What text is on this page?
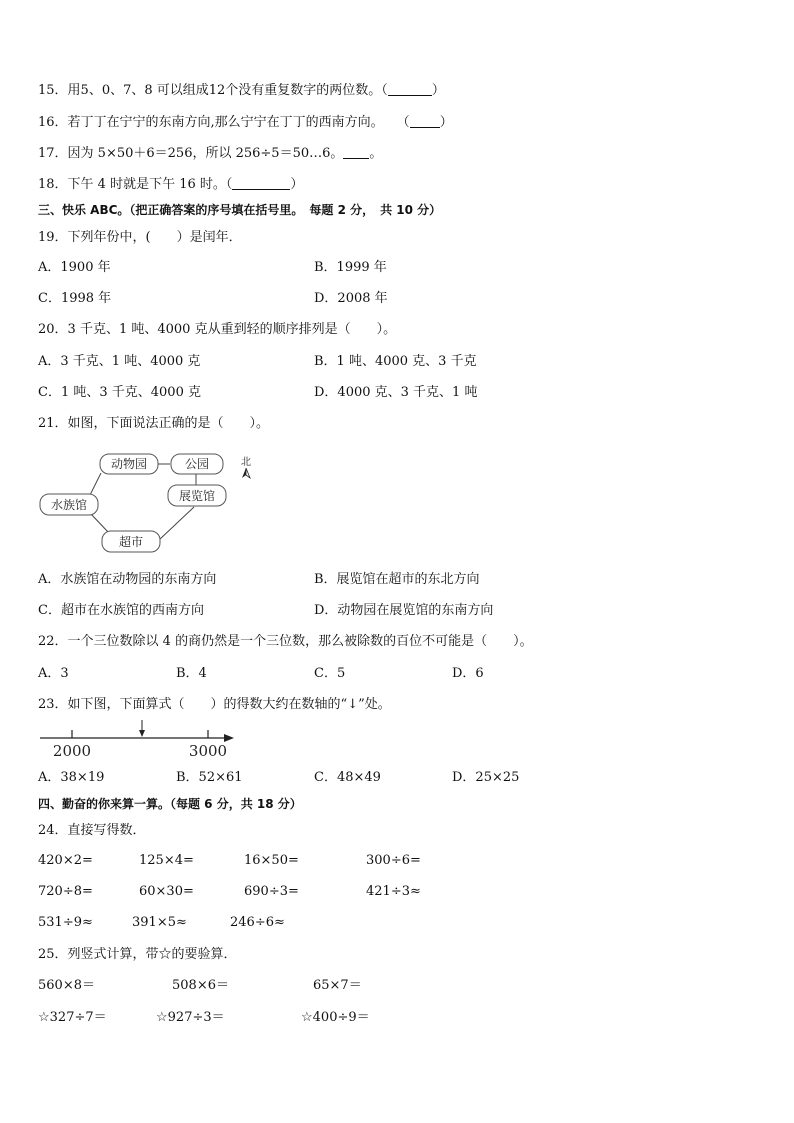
15．用5、0、7、8 可以组成12个没有重复数字的两位数。（	）
16．若丁丁在宁宁的东南方向,那么宁宁在丁丁的西南方向。　　（ ）
17．因为 5×50＋6＝256，所以 256÷5＝50…6。 。
18．下午 4 时就是下午 16 时。（	）
三、快乐 ABC。（把正确答案的序号填在括号里。　每题 2 分，　共 10 分）
19．下列年份中，(　　）是闰年．
A．1900 年	B．1999 年
C．1998 年	D．2008 年
20．3 千克、1 吨、4000 克从重到轻的顺序排列是（　　）。
A．3 千克、1 吨、4000 克	B．1 吨、4000 克、3 千克
C．1 吨、3 千克、4000 克	D．4000 克、3 千克、1 吨
21．如图，下面说法正确的是（　　）。
动物园	公园
展览馆
水族馆
超市
北
A．水族馆在动物园的东南方向	B．展览馆在超市的东北方向
C．超市在水族馆的西南方向	D．动物园在展览馆的东南方向
22．一个三位数除以 4 的商仍然是一个三位数，那么被除数的百位不可能是（　　）。
A．3	B．4	C．5	D．6
23．如下图，下面算式（　　）的得数大约在数轴的“↓”处。
2000	3000
A．38×19	B．52×61	C．48×49	D．25×25
四、勤奋的你来算一算。（每题 6 分，共 18 分）
24．直接写得数．
420×2=	125×4=	16×50=	300÷6=
720÷8=	60×30=	690÷3=	421÷3≈
531÷9≈	391×5≈	246÷6≈
25．列竖式计算，带☆的要验算．
560×8＝	508×6＝	65×7＝
☆327÷7＝	☆927÷3＝	☆400÷9＝
